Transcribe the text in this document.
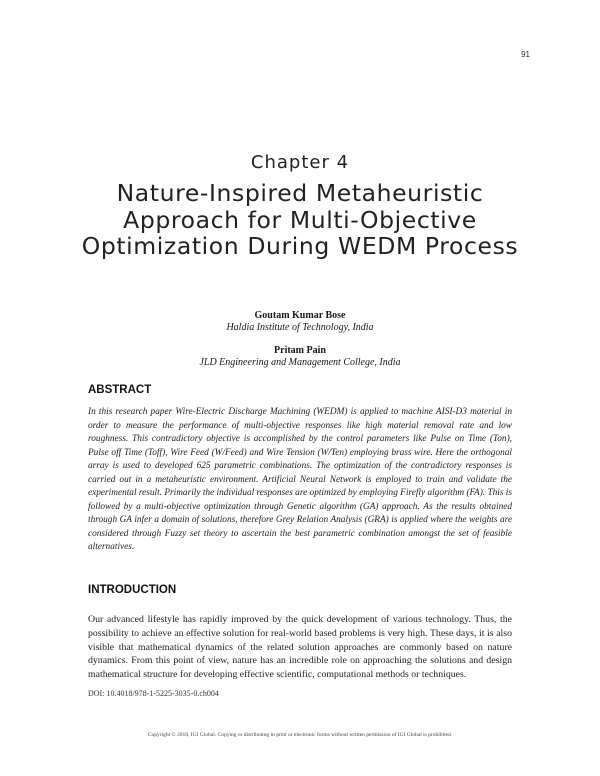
91
Chapter 4
Nature-Inspired Metaheuristic Approach for Multi-Objective Optimization During WEDM Process
Goutam Kumar Bose
Haldia Institute of Technology, India
Pritam Pain
JLD Engineering and Management College, India
ABSTRACT
In this research paper Wire-Electric Discharge Machining (WEDM) is applied to machine AISI-D3 material in order to measure the performance of multi-objective responses like high material removal rate and low roughness. This contradictory objective is accomplished by the control parameters like Pulse on Time (Ton), Pulse off Time (Toff), Wire Feed (W/Feed) and Wire Tension (W/Ten) employing brass wire. Here the orthogonal array is used to developed 625 parametric combinations. The optimization of the contradictory responses is carried out in a metaheuristic environment. Artificial Neural Network is employed to train and validate the experimental result. Primarily the individual responses are optimized by employing Firefly algorithm (FA). This is followed by a multi-objective optimization through Genetic algorithm (GA) approach. As the results obtained through GA infer a domain of solutions, therefore Grey Relation Analysis (GRA) is applied where the weights are considered through Fuzzy set theory to ascertain the best parametric combination amongst the set of feasible alternatives.
INTRODUCTION
Our advanced lifestyle has rapidly improved by the quick development of various technology. Thus, the possibility to achieve an effective solution for real-world based problems is very high. These days, it is also visible that mathematical dynamics of the related solution approaches are commonly based on nature dynamics. From this point of view, nature has an incredible role on approaching the solutions and design mathematical structure for developing effective scientific, computational methods or techniques.
DOI: 10.4018/978-1-5225-3035-0.ch004
Copyright © 2018, IGI Global. Copying or distributing in print or electronic forms without written permission of IGI Global is prohibited.
